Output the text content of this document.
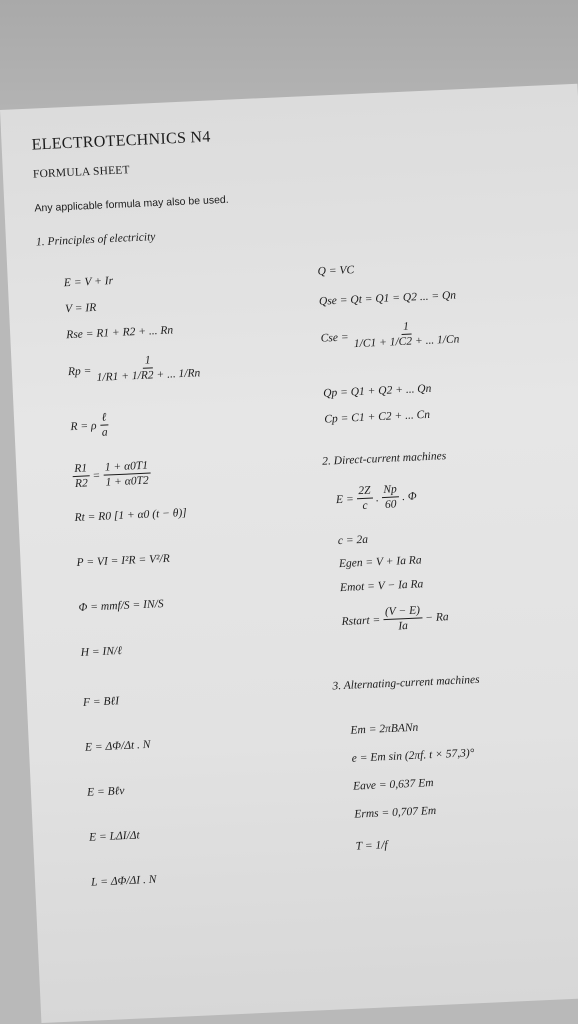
ELECTROTECHNICS N4
FORMULA SHEET
Any applicable formula may also be used.
1. Principles of electricity
E = V + Ir
V = IR
Rse = R1 + R2 + ... Rn
$Rp = \frac{1}{1/R1 + 1/R2 + ... 1/Rn}$
R = ρ $\frac{\text{ℓ}}{a}$
$\frac{R1}{R2} = \frac{1 + \alpha 0T1}{1 + \alpha 0T2}$
Rt = R0 [1 + α0 (t − θ)]
P = VI = I²R = V²/R
Φ = mmf/S = IN/S
H = IN/ℓ
F = BℓI
E = ΔΦ/Δt . N
E = Bℓv
E = LΔI/Δt
L = ΔΦ/ΔI . N
Q = VC
Qse = Qt = Q1 = Q2 ... = Qn
Cse = $\frac{1}{1/C1 + 1/C2 + ... 1/Cn}$
Qp = Q1 + Q2 + ... Qn
Cp = C1 + C2 + ... Cn
2. Direct-current machines
$E = \frac{2Z}{c}$ . $\frac{Np}{60}$ . Φ
c = 2a
Egen = V + Ia Ra
Emot = V − Ia Ra
Rstart = $\frac{(V - E)}{Ia} - Ra$
3. Alternating-current machines
Em = 2πBANn
e = Em sin (2πf. t × 57,3)°
Eave = 0,637 Em
Erms = 0,707 Em
T = 1/f
